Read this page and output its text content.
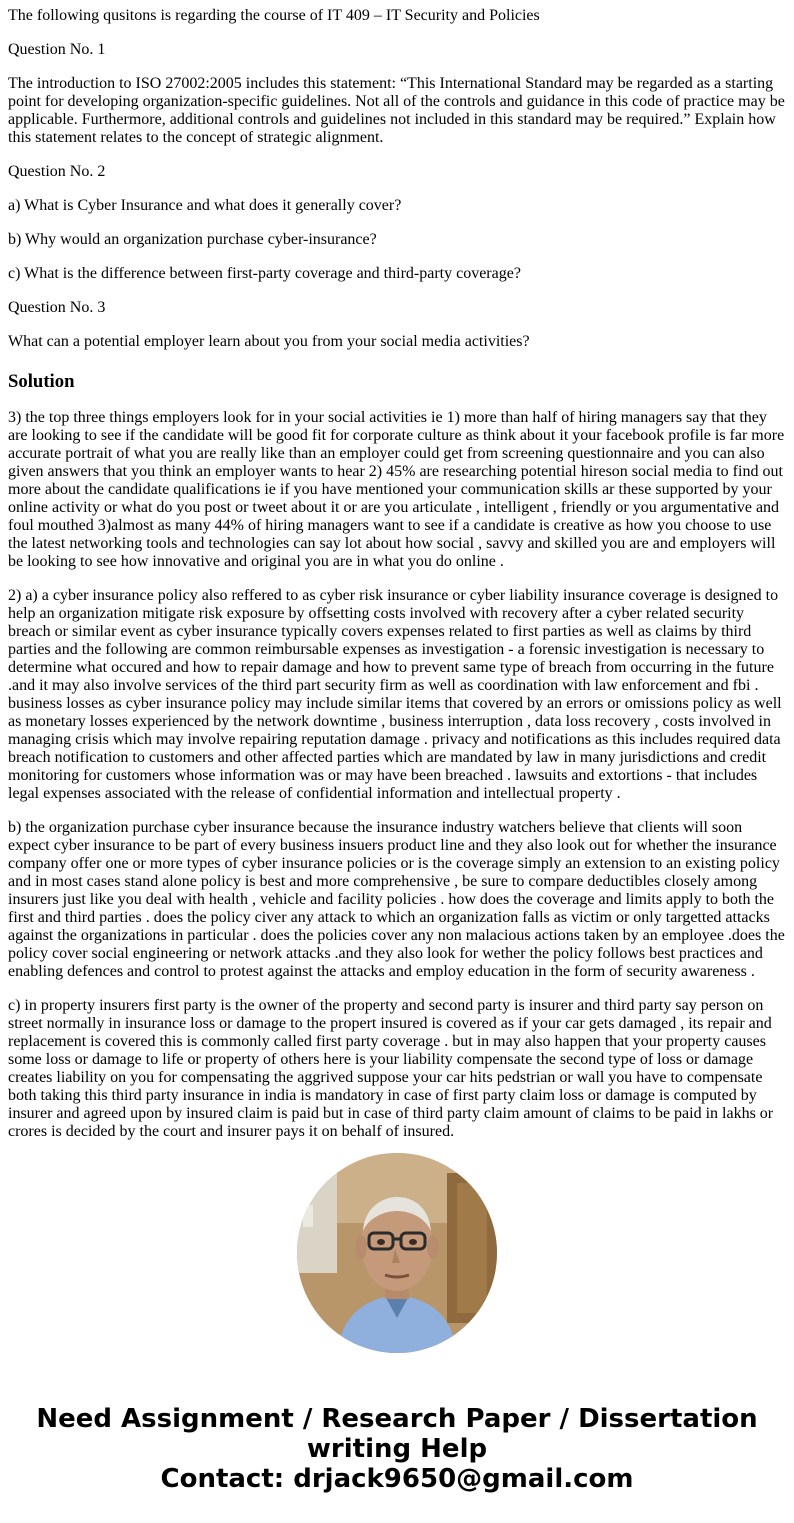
The following qusitons is regarding the course of IT 409 – IT Security and Policies

Question No. 1

The introduction to ISO 27002:2005 includes this statement: “This International Standard may be regarded as a starting point for developing organization-specific guidelines. Not all of the controls and guidance in this code of practice may be applicable. Furthermore, additional controls and guidelines not included in this standard may be required.” Explain how this statement relates to the concept of strategic alignment.

Question No. 2

a) What is Cyber Insurance and what does it generally cover?

b) Why would an organization purchase cyber-insurance?

c) What is the difference between first-party coverage and third-party coverage?

Question No. 3

What can a potential employer learn about you from your social media activities?

Solution

3) the top three things employers look for in your social activities ie 1) more than half of hiring managers say that they are looking to see if the candidate will be good fit for corporate culture as think about it your facebook profile is far more accurate portrait of what you are really like than an employer could get from screening questionnaire and you can also given answers that you think an employer wants to hear 2) 45% are researching potential hireson social media to find out more about the candidate qualifications ie if you have mentioned your communication skills ar these supported by your online activity or what do you post or tweet about it or are you articulate , intelligent , friendly or you argumentative and foul mouthed 3)almost as many 44% of hiring managers want to see if a candidate is creative as how you choose to use the latest networking tools and technologies can say lot about how social , savvy and skilled you are and employers will be looking to see how innovative and original you are in what you do online .

2) a) a cyber insurance policy also reffered to as cyber risk insurance or cyber liability insurance coverage is designed to help an organization mitigate risk exposure by offsetting costs involved with recovery after a cyber related security breach or similar event as cyber insurance typically covers expenses related to first parties as well as claims by third parties and the following are common reimbursable expenses as investigation - a forensic investigation is necessary to determine what occured and how to repair damage and how to prevent same type of breach from occurring in the future .and it may also involve services of the third part security firm as well as coordination with law enforcement and fbi . business losses as cyber insurance policy may include similar items that covered by an errors or omissions policy as well as monetary losses experienced by the network downtime , business interruption , data loss recovery , costs involved in managing crisis which may involve repairing reputation damage . privacy and notifications as this includes required data breach notification to customers and other affected parties which are mandated by law in many jurisdictions and credit monitoring for customers whose information was or may have been breached . lawsuits and extortions - that includes legal expenses associated with the release of confidential information and intellectual property .

b) the organization purchase cyber insurance because the insurance industry watchers believe that clients will soon expect cyber insurance to be part of every business insuers product line and they also look out for whether the insurance company offer one or more types of cyber insurance policies or is the coverage simply an extension to an existing policy and in most cases stand alone policy is best and more comprehensive , be sure to compare deductibles closely among insurers just like you deal with health , vehicle and facility policies . how does the coverage and limits apply to both the first and third parties . does the policy civer any attack to which an organization falls as victim or only targetted attacks against the organizations in particular . does the policies cover any non malacious actions taken by an employee .does the policy cover social engineering or network attacks .and they also look for wether the policy follows best practices and enabling defences and control to protest against the attacks and employ education in the form of security awareness .

c) in property insurers first party is the owner of the property and second party is insurer and third party say person on street normally in insurance loss or damage to the propert insured is covered as if your car gets damaged , its repair and replacement is covered this is commonly called first party coverage . but in may also happen that your property causes some loss or damage to life or property of others here is your liability compensate the second type of loss or damage creates liability on you for compensating the aggrived suppose your car hits pedstrian or wall you have to compensate both taking this third party insurance in india is mandatory in case of first party claim loss or damage is computed by insurer and agreed upon by insured claim is paid but in case of third party claim amount of claims to be paid in lakhs or crores is decided by the court and insurer pays it on behalf of insured.

Need Assignment / Research Paper / Dissertation
writing Help
Contact: drjack9650@gmail.com
